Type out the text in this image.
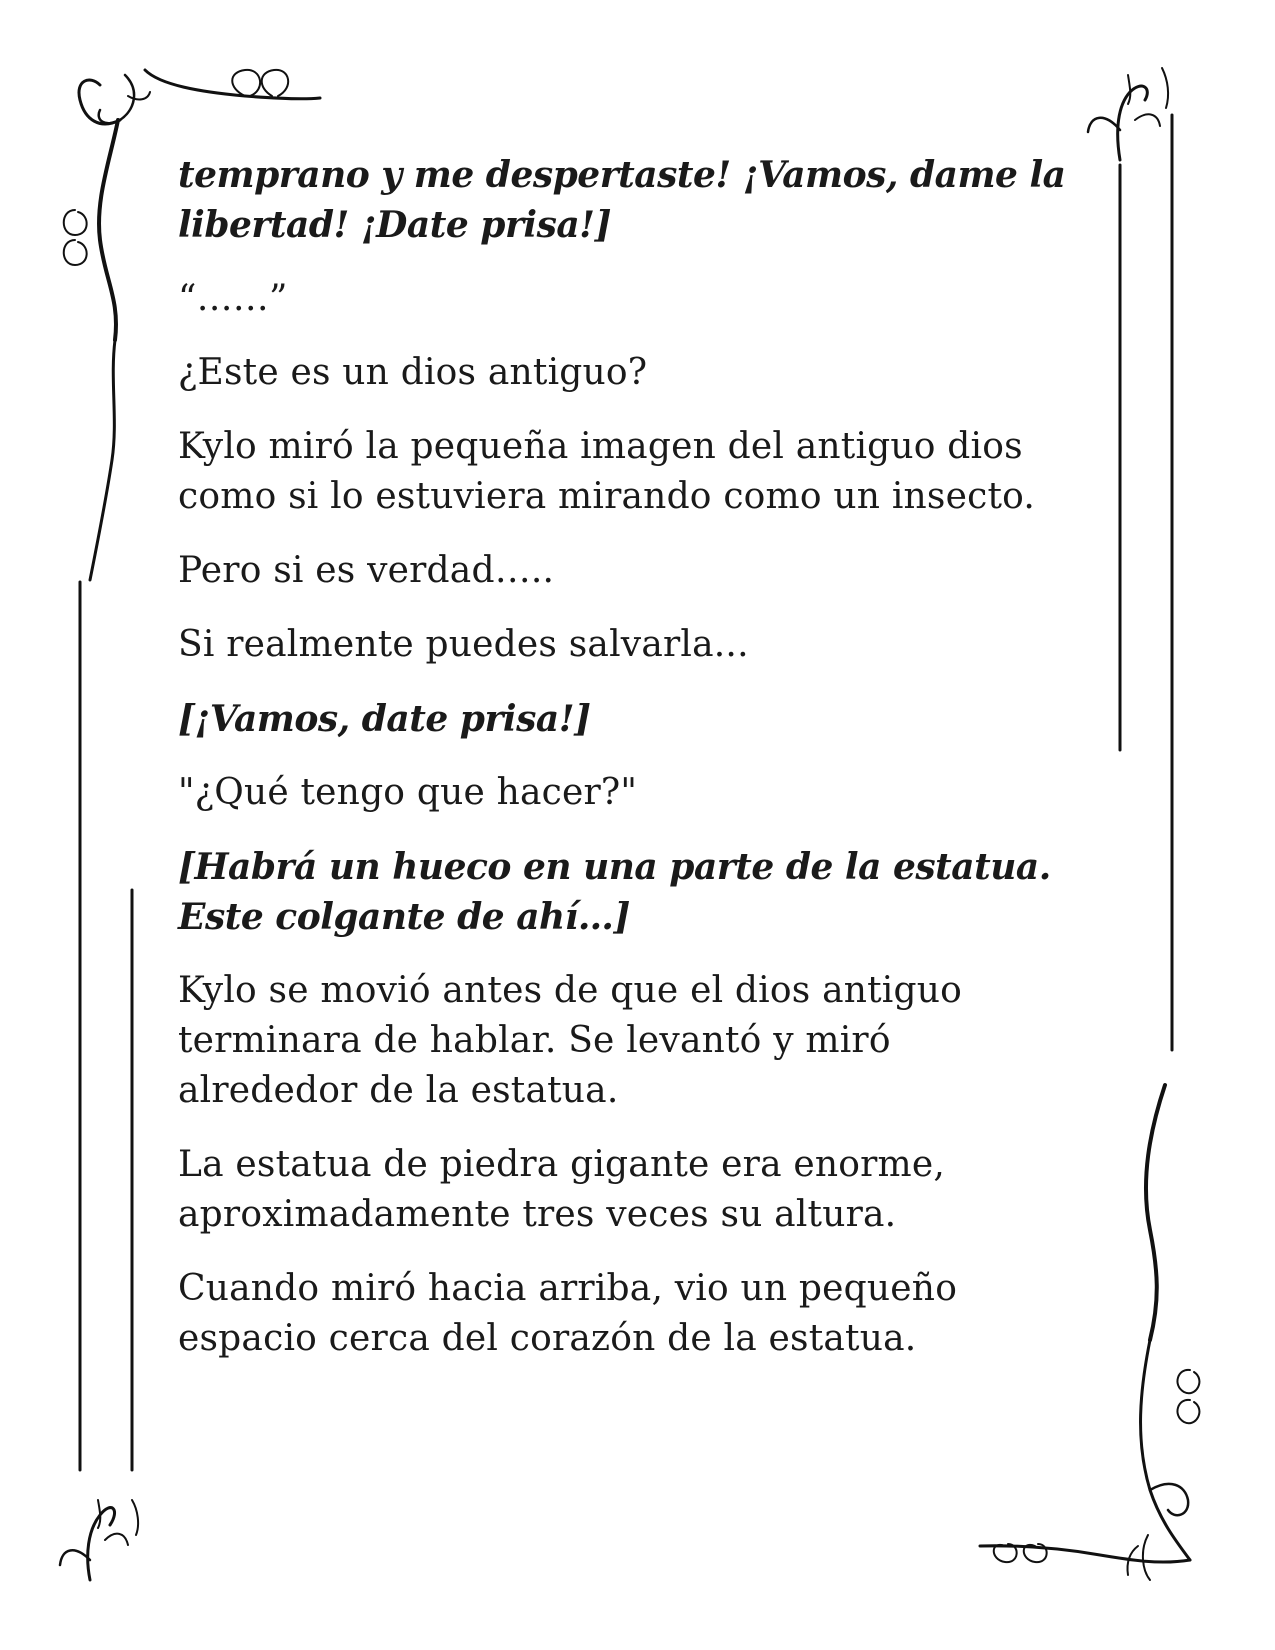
temprano y me despertaste! ¡Vamos, dame la libertad! ¡Date prisa!]

“……”

¿Este es un dios antiguo?

Kylo miró la pequeña imagen del antiguo dios como si lo estuviera mirando como un insecto.

Pero si es verdad…..

Si realmente puedes salvarla...

[¡Vamos, date prisa!]

"¿Qué tengo que hacer?"

[Habrá un hueco en una parte de la estatua. Este colgante de ahí…]

Kylo se movió antes de que el dios antiguo terminara de hablar. Se levantó y miró alrededor de la estatua.

La estatua de piedra gigante era enorme, aproximadamente tres veces su altura.

Cuando miró hacia arriba, vio un pequeño espacio cerca del corazón de la estatua.
